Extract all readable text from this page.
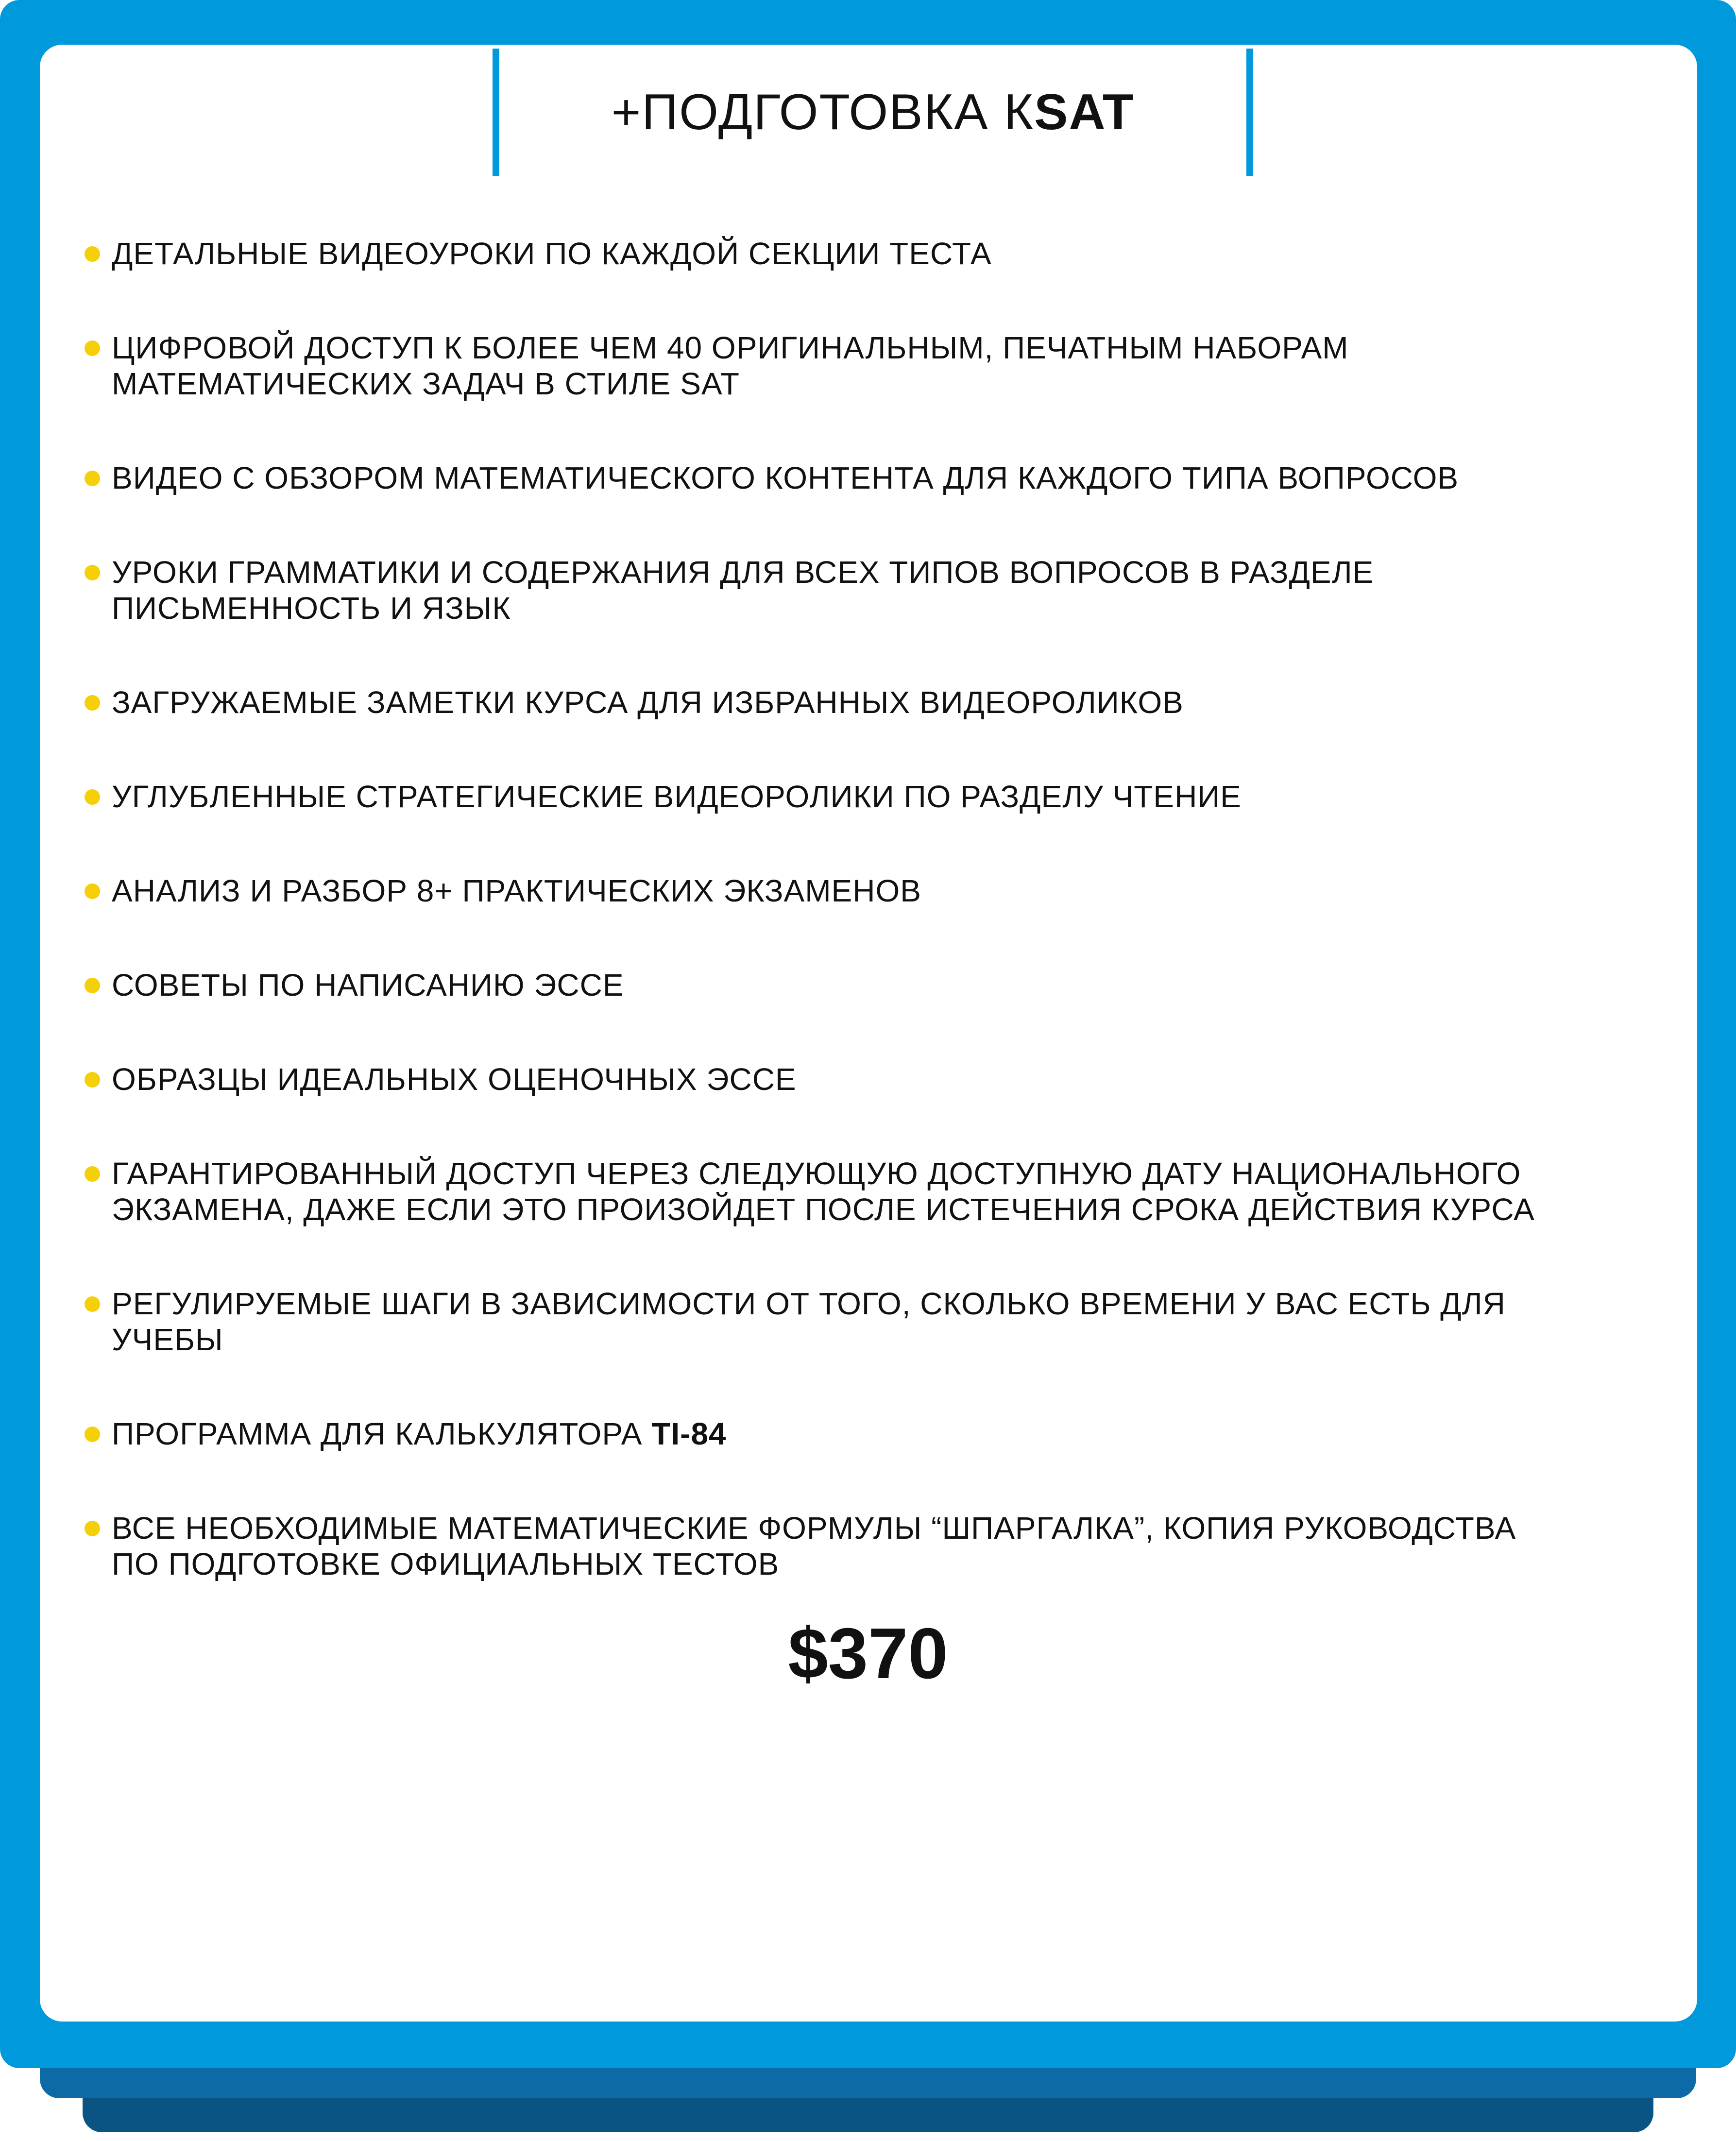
+ПОДГОТОВКА К SAT
ДЕТАЛЬНЫЕ ВИДЕОУРОКИ ПО КАЖДОЙ СЕКЦИИ ТЕСТА
ЦИФРОВОЙ ДОСТУП К БОЛЕЕ ЧЕМ 40 ОРИГИНАЛЬНЫМ, ПЕЧАТНЫМ НАБОРАМ МАТЕМАТИЧЕСКИХ ЗАДАЧ В СТИЛЕ SAT
ВИДЕО С ОБЗОРОМ МАТЕМАТИЧЕСКОГО КОНТЕНТА ДЛЯ КАЖДОГО ТИПА ВОПРОСОВ
УРОКИ ГРАММАТИКИ И СОДЕРЖАНИЯ ДЛЯ ВСЕХ ТИПОВ ВОПРОСОВ В РАЗДЕЛЕ ПИСЬМЕННОСТЬ И ЯЗЫК
ЗАГРУЖАЕМЫЕ ЗАМЕТКИ КУРСА ДЛЯ ИЗБРАННЫХ ВИДЕОРОЛИКОВ
УГЛУБЛЕННЫЕ СТРАТЕГИЧЕСКИЕ ВИДЕОРОЛИКИ ПО РАЗДЕЛУ ЧТЕНИЕ
АНАЛИЗ И РАЗБОР 8+ ПРАКТИЧЕСКИХ ЭКЗАМЕНОВ
СОВЕТЫ ПО НАПИСАНИЮ ЭССЕ
ОБРАЗЦЫ ИДЕАЛЬНЫХ ОЦЕНОЧНЫХ ЭССЕ
ГАРАНТИРОВАННЫЙ ДОСТУП ЧЕРЕЗ СЛЕДУЮЩУЮ ДОСТУПНУЮ ДАТУ НАЦИОНАЛЬНОГО ЭКЗАМЕНА, ДАЖЕ ЕСЛИ ЭТО ПРОИЗОЙДЕТ ПОСЛЕ ИСТЕЧЕНИЯ СРОКА ДЕЙСТВИЯ КУРСА
РЕГУЛИРУЕМЫЕ ШАГИ В ЗАВИСИМОСТИ ОТ ТОГО, СКОЛЬКО ВРЕМЕНИ У ВАС ЕСТЬ ДЛЯ УЧЕБЫ
ПРОГРАММА ДЛЯ КАЛЬКУЛЯТОРА TI-84
ВСЕ НЕОБХОДИМЫЕ МАТЕМАТИЧЕСКИЕ ФОРМУЛЫ “ШПАРГАЛКА”, КОПИЯ РУКОВОДСТВА ПО ПОДГОТОВКЕ ОФИЦИАЛЬНЫХ ТЕСТОВ
$370
